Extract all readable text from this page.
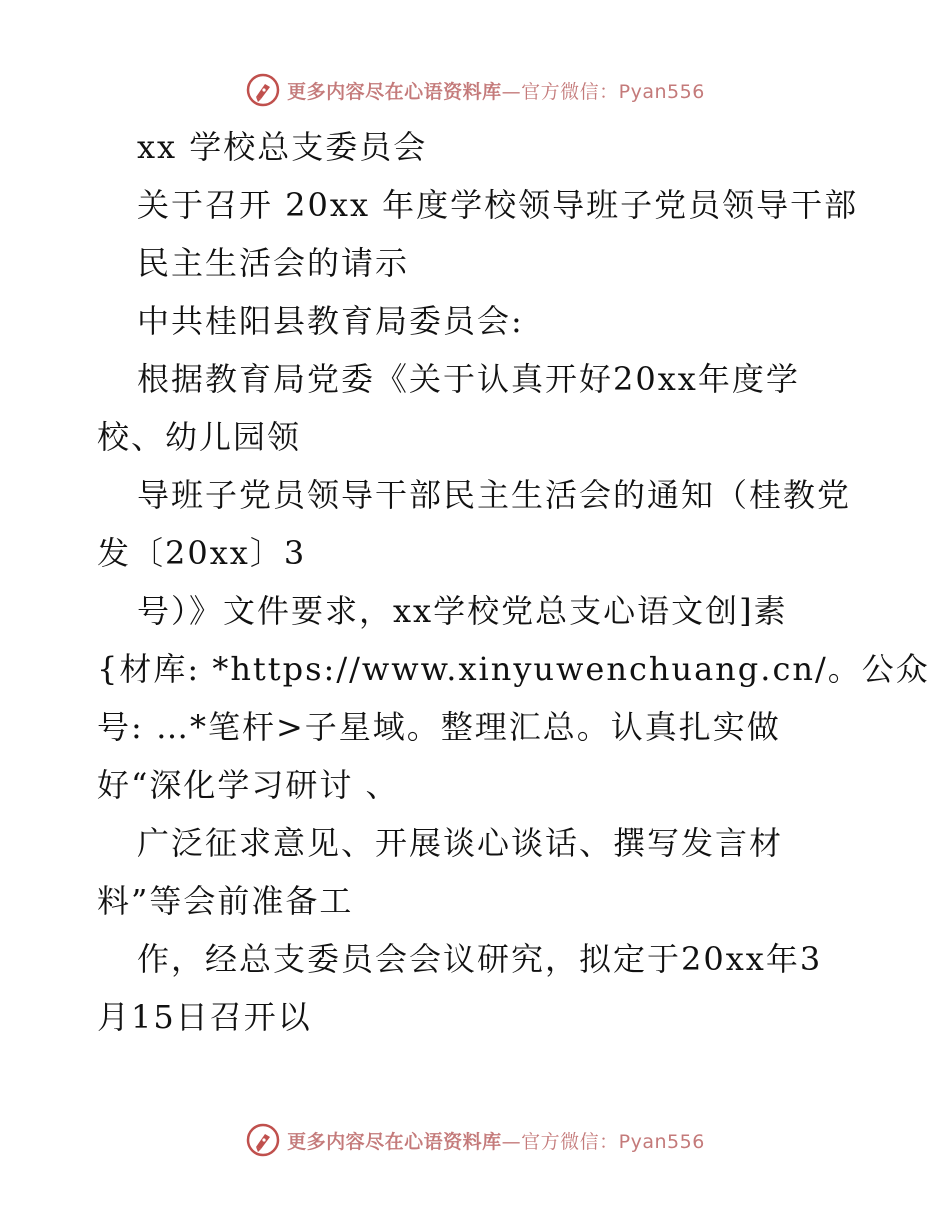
更多内容尽在心语资料库—官方微信：Pyan556
xx 学校总支委员会
关于召开 20xx 年度学校领导班子党员领导干部
民主生活会的请示
中共桂阳县教育局委员会:
根据教育局党委《关于认真开好20xx年度学
校、幼儿园领
导班子党员领导干部民主生活会的通知（桂教党
发〔20xx〕3
号）》文件要求，xx学校党总支心语文创]素
{材库: *https://www.xinyuwenchuang.cn/。公众
号: …*笔杆>子星域。整理汇总。认真扎实做
好“深化学习研讨 、
广泛征求意见、开展谈心谈话、撰写发言材
料”等会前准备工
作，经总支委员会会议研究，拟定于20xx年3
月15日召开以
更多内容尽在心语资料库—官方微信：Pyan556
